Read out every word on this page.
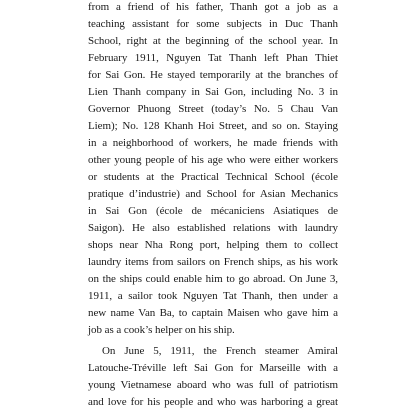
from a friend of his father, Thanh got a job as a
teaching assistant for some subjects in Duc Thanh
School, right at the beginning of the school year. In
February 1911, Nguyen Tat Thanh left Phan Thiet
for Sai Gon. He stayed temporarily at the branches of
Lien Thanh company in Sai Gon, including No. 3 in
Governor Phuong Street (today’s No. 5 Chau Van
Liem); No. 128 Khanh Hoi Street, and so on. Staying
in a neighborhood of workers, he made friends with
other young people of his age who were either workers
or students at the Practical Technical School (école
pratique d’industrie) and School for Asian Mechanics
in Sai Gon (école de mécaniciens Asiatiques de
Saigon). He also established relations with laundry
shops near Nha Rong port, helping them to collect
laundry items from sailors on French ships, as his work
on the ships could enable him to go abroad. On June 3,
1911, a sailor took Nguyen Tat Thanh, then under a
new name Van Ba, to captain Maisen who gave him a
job as a cook’s helper on his ship.
On June 5, 1911, the French steamer Amiral
Latouche-Tréville left Sai Gon for Marseille with a
young Vietnamese aboard who was full of patriotism
and love for his people and who was harboring a great
